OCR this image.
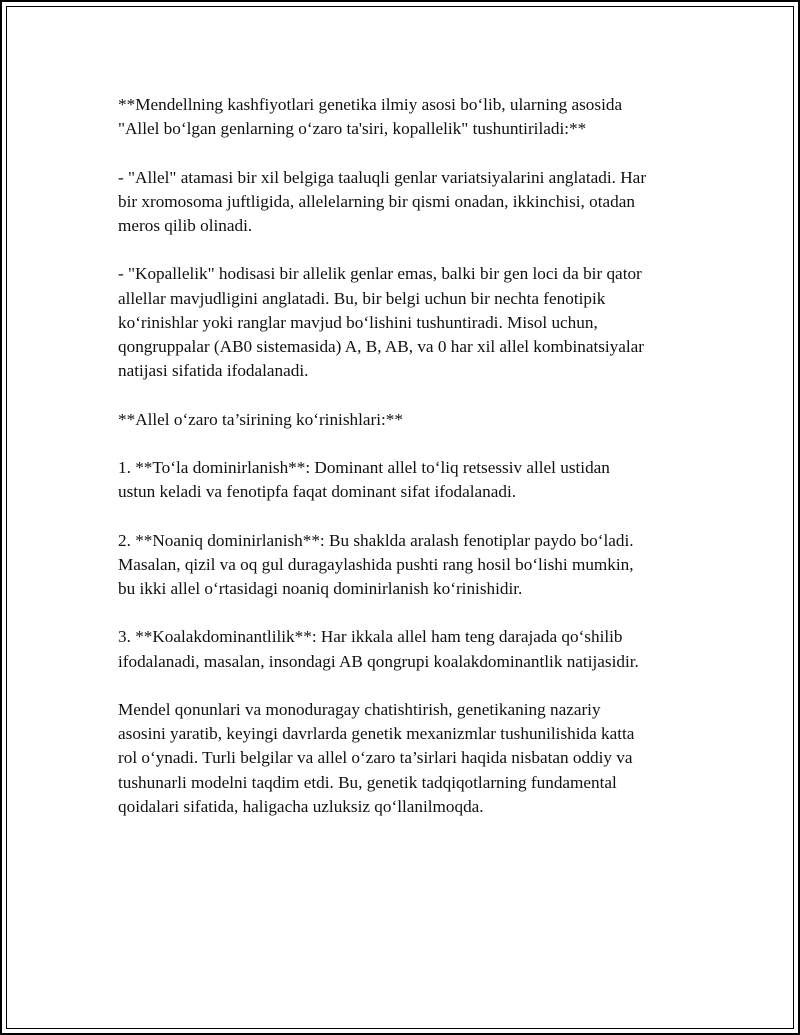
**Mendellning kashfiyotlari genetika ilmiy asosi bo‘lib, ularning asosida
"Allel bo‘lgan genlarning o‘zaro ta'siri, kopallelik" tushuntiriladi:**

- "Allel" atamasi bir xil belgiga taaluqli genlar variatsiyalarini anglatadi. Har
bir xromosoma juftligida, allelelarning bir qismi onadan, ikkinchisi, otadan
meros qilib olinadi.

- "Kopallelik" hodisasi bir allelik genlar emas, balki bir gen loci da bir qator
allellar mavjudligini anglatadi. Bu, bir belgi uchun bir nechta fenotipik
ko‘rinishlar yoki ranglar mavjud bo‘lishini tushuntiradi. Misol uchun,
qongruppalar (AB0 sistemasida) A, B, AB, va 0 har xil allel kombinatsiyalar
natijasi sifatida ifodalanadi.

**Allel o‘zaro ta’sirining ko‘rinishlari:**

1. **To‘la dominirlanish**: Dominant allel to‘liq retsessiv allel ustidan
ustun keladi va fenotipfa faqat dominant sifat ifodalanadi.

2. **Noaniq dominirlanish**: Bu shaklda aralash fenotiplar paydo bo‘ladi.
Masalan, qizil va oq gul duragaylashida pushti rang hosil bo‘lishi mumkin,
bu ikki allel o‘rtasidagi noaniq dominirlanish ko‘rinishidir.

3. **Koalakdominantlilik**: Har ikkala allel ham teng darajada qo‘shilib
ifodalanadi, masalan, insondagi AB qongrupi koalakdominantlik natijasidir.

Mendel qonunlari va monoduragay chatishtirish, genetikaning nazariy
asosini yaratib, keyingi davrlarda genetik mexanizmlar tushunilishida katta
rol o‘ynadi. Turli belgilar va allel o‘zaro ta’sirlari haqida nisbatan oddiy va
tushunarli modelni taqdim etdi. Bu, genetik tadqiqotlarning fundamental
qoidalari sifatida, haligacha uzluksiz qo‘llanilmoqda.
